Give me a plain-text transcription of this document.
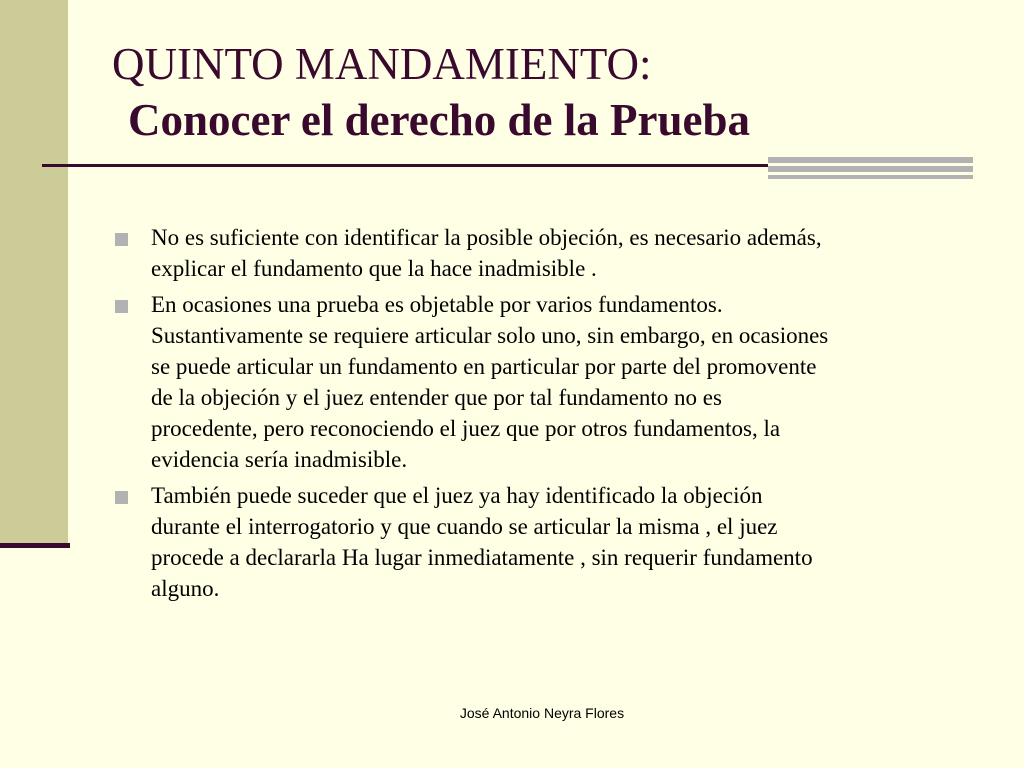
QUINTO MANDAMIENTO:
Conocer el derecho de la Prueba
No es suficiente con identificar la posible objeción, es necesario además,
explicar el fundamento que la hace inadmisible .
En ocasiones una prueba es objetable por varios fundamentos.
Sustantivamente se requiere articular solo uno, sin embargo, en ocasiones
se puede articular un fundamento en particular por parte del promovente
de la objeción y el juez entender que por tal fundamento no es
procedente, pero reconociendo el juez que por otros fundamentos, la
evidencia sería inadmisible.
También puede suceder que el juez ya hay identificado la objeción
durante el interrogatorio y que cuando se articular la misma , el juez
procede a declararla Ha lugar inmediatamente , sin requerir fundamento
alguno.
José Antonio Neyra Flores
